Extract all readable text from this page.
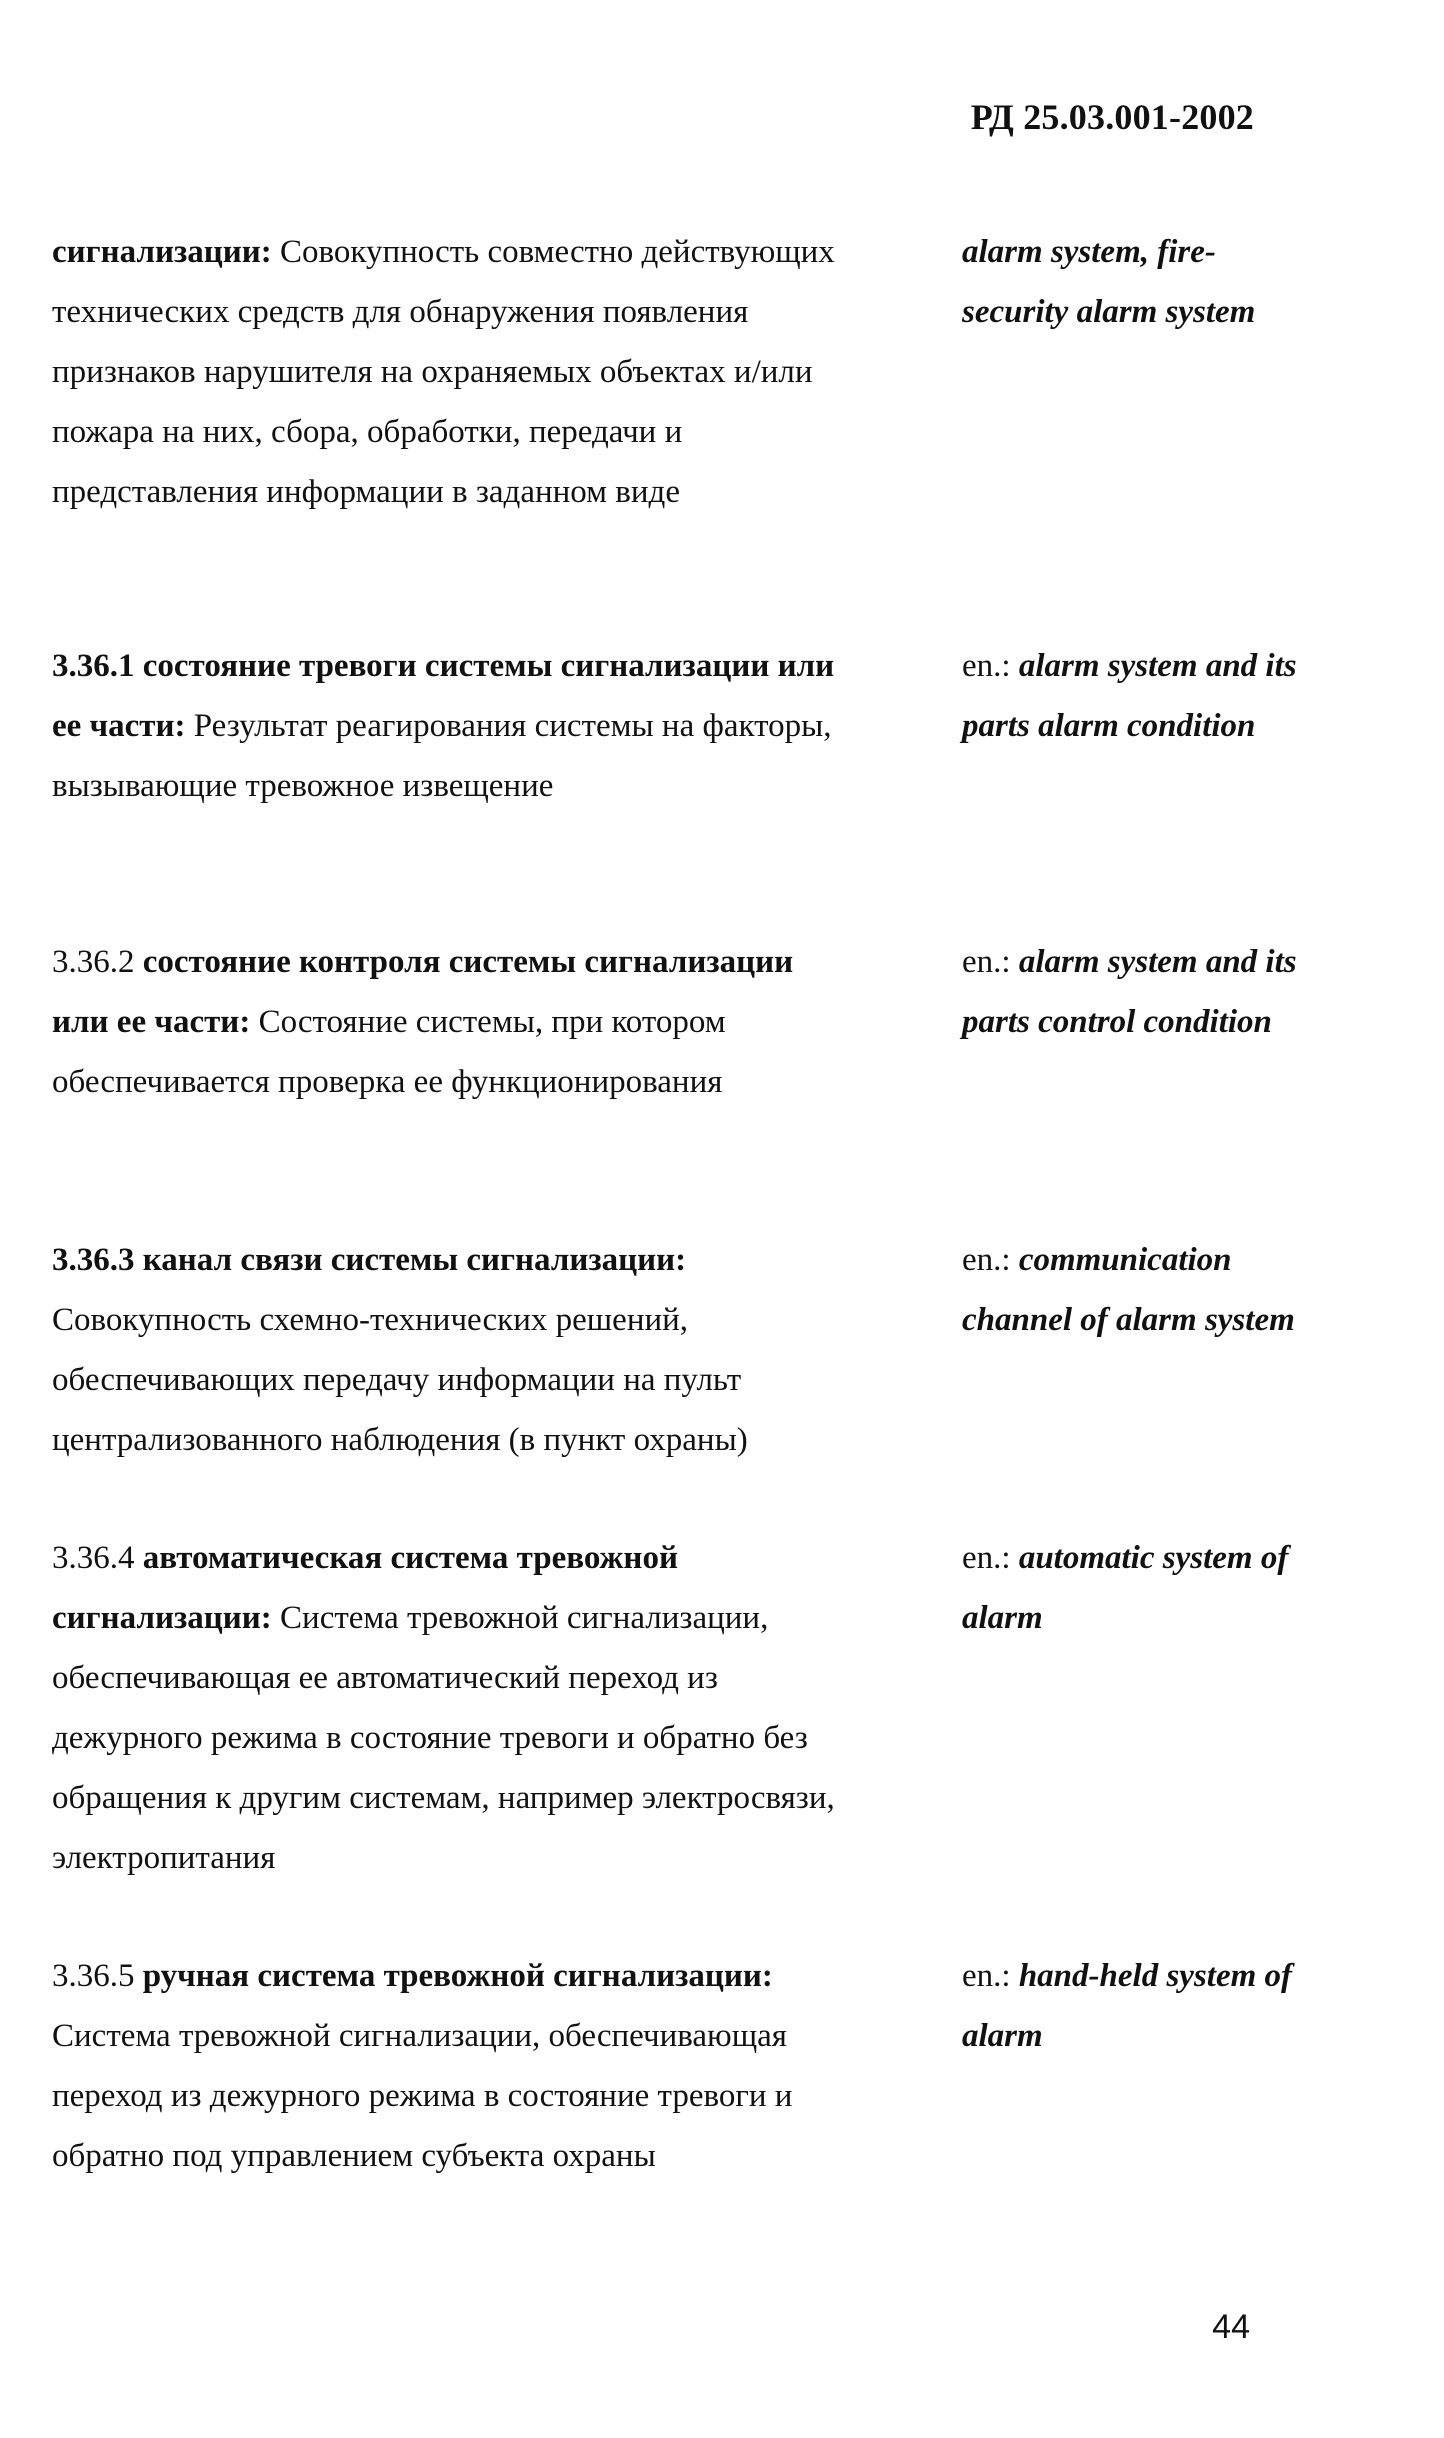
РД 25.03.001-2002
сигнализации: Совокупность совместно действующих технических средств для обнаружения появления признаков нарушителя на охраняемых объектах и/или пожара на них, сбора, обработки, передачи и представления информации в заданном виде
alarm system, fire-security alarm system
3.36.1 состояние тревоги системы сигнализации или ее части: Результат реагирования системы на факторы, вызывающие тревожное извещение
en.: alarm system and its parts alarm condition
3.36.2 состояние контроля системы сигнализации или ее части: Состояние системы, при котором обеспечивается проверка ее функционирования
en.: alarm system and its parts control condition
3.36.3 канал связи системы сигнализации: Совокупность схемно-технических решений, обеспечивающих передачу информации на пульт централизованного наблюдения (в пункт охраны)
en.: communication channel of alarm system
3.36.4 автоматическая система тревожной сигнализации: Система тревожной сигнализации, обеспечивающая ее автоматический переход из дежурного режима в состояние тревоги и обратно без обращения к другим системам, например электросвязи, электропитания
en.: automatic system of alarm
3.36.5 ручная система тревожной сигнализации: Система тревожной сигнализации, обеспечивающая переход из дежурного режима в состояние тревоги и обратно под управлением субъекта охраны
en.: hand-held system of alarm
44
